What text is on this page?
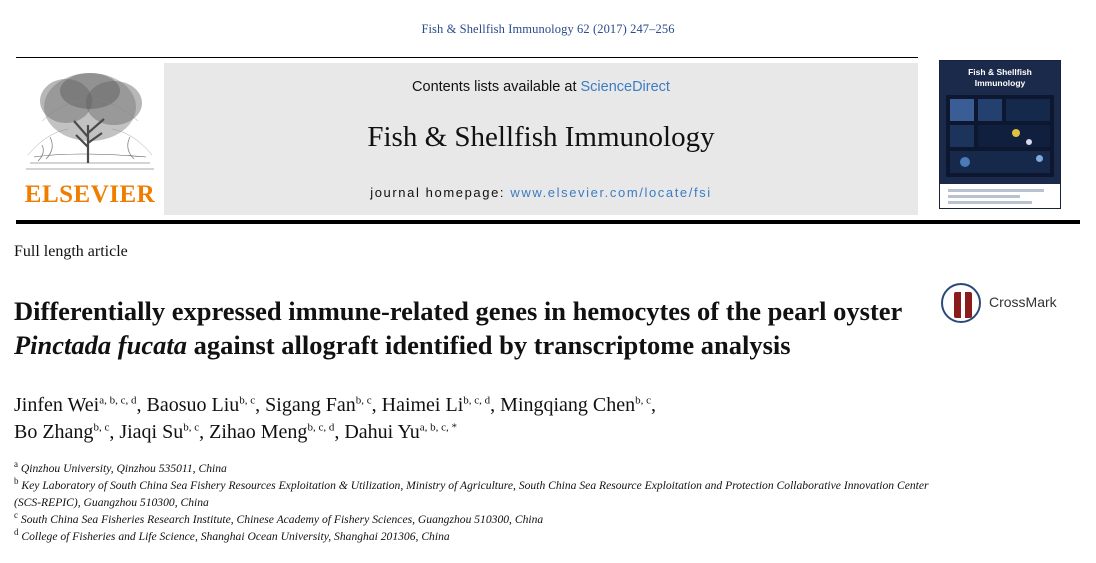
Fish & Shellfish Immunology 62 (2017) 247–256
ELSEVIER
Contents lists available at ScienceDirect
Fish & Shellfish Immunology
journal homepage: www.elsevier.com/locate/fsi
Fish & Shellfish
Immunology
Full length article
Differentially expressed immune-related genes in hemocytes of the pearl oyster Pinctada fucata against allograft identified by transcriptome analysis
CrossMark
Jinfen Wei$^{a, b, c, d}$, Baosuo Liu$^{b, c}$, Sigang Fan$^{b, c}$, Haimei Li$^{b, c, d}$, Mingqiang Chen$^{b, c}$,
Bo Zhang$^{b, c}$, Jiaqi Su$^{b, c}$, Zihao Meng$^{b, c, d}$, Dahui $Yu^{a, b, c, *}$
$^a$ Qinzhou University, Qinzhou 535011, China
$^b$ Key Laboratory of South China Sea Fishery Resources Exploitation & Utilization, Ministry of Agriculture, South China Sea Resource Exploitation and Protection Collaborative Innovation Center (SCS-REPIC), Guangzhou 510300, China
$^c$ South China Sea Fisheries Research Institute, Chinese Academy of Fishery Sciences, Guangzhou 510300, China
$^d$ College of Fisheries and Life Science, Shanghai Ocean University, Shanghai 201306, China
